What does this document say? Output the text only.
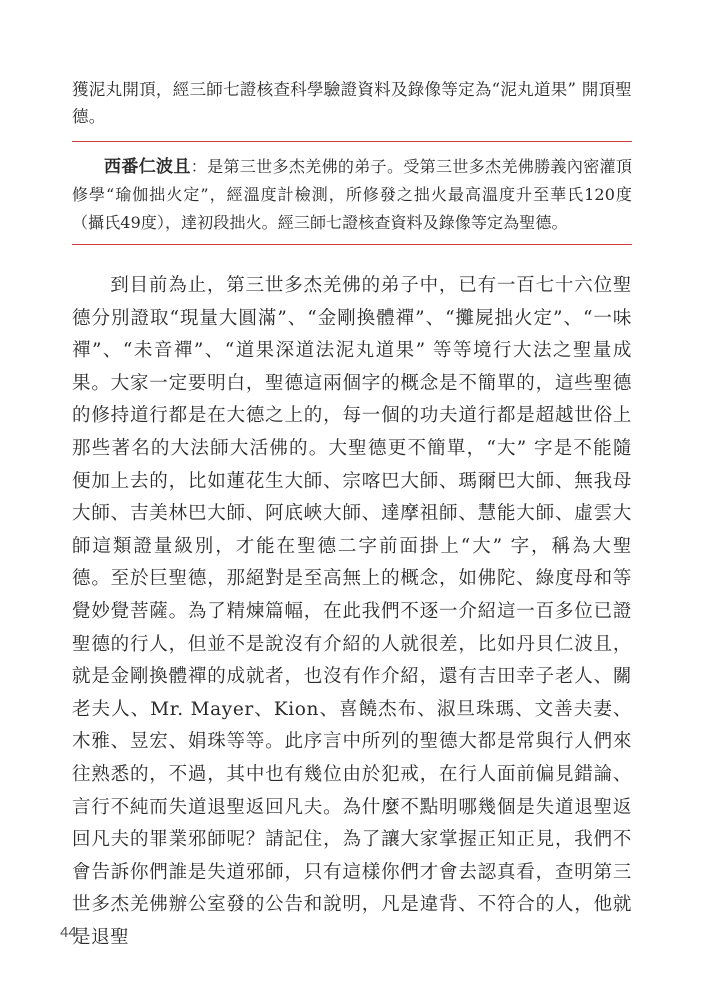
獲泥丸開頂，經三師七證核查科學驗證資料及錄像等定為“泥丸道果” 開頂聖德。

西番仁波且：是第三世多杰羌佛的弟子。受第三世多杰羌佛勝義內密灌頂修學“瑜伽拙火定”，經溫度計檢測，所修發之拙火最高溫度升至華氏120度（攝氏49度），達初段拙火。經三師七證核查資料及錄像等定為聖德。

到目前為止，第三世多杰羌佛的弟子中，已有一百七十六位聖德分別證取“現量大圓滿”、“金剛換體禪”、“攤屍拙火定”、“一味禪”、“未音禪”、“道果深道法泥丸道果” 等等境行大法之聖量成果。大家一定要明白，聖德這兩個字的概念是不簡單的，這些聖德的修持道行都是在大德之上的，每一個的功夫道行都是超越世俗上那些著名的大法師大活佛的。大聖德更不簡單，“大” 字是不能隨便加上去的，比如蓮花生大師、宗喀巴大師、瑪爾巴大師、無我母大師、吉美林巴大師、阿底峽大師、達摩祖師、慧能大師、虛雲大師這類證量級別，才能在聖德二字前面掛上“大” 字，稱為大聖德。至於巨聖德，那絕對是至高無上的概念，如佛陀、綠度母和等覺妙覺菩薩。為了精煉篇幅，在此我們不逐一介紹這一百多位已證聖德的行人，但並不是說沒有介紹的人就很差，比如丹貝仁波且，就是金剛換體禪的成就者，也沒有作介紹，還有吉田幸子老人、關老夫人、Mr. Mayer、Kion、喜饒杰布、淑旦珠瑪、文善夫妻、木雅、昱宏、娟珠等等。此序言中所列的聖德大都是常與行人們來往熟悉的，不過，其中也有幾位由於犯戒，在行人面前偏見錯論、言行不純而失道退聖返回凡夫。為什麼不點明哪幾個是失道退聖返回凡夫的罪業邪師呢？請記住，為了讓大家掌握正知正見，我們不會告訴你們誰是失道邪師，只有這樣你們才會去認真看，查明第三世多杰羌佛辦公室發的公告和說明，凡是違背、不符合的人，他就是退聖

44
